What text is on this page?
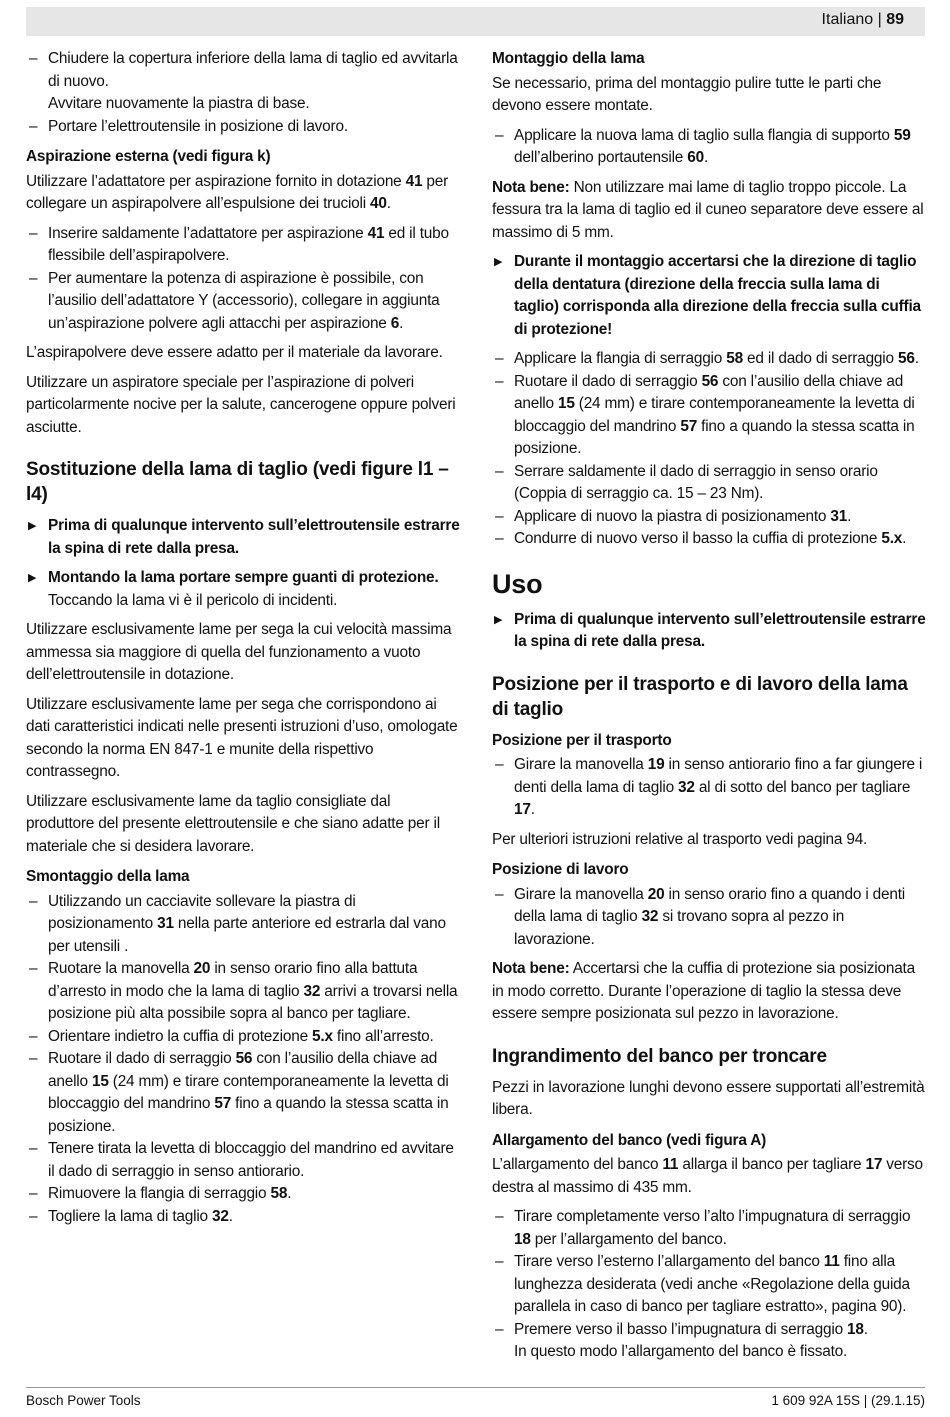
Italiano | 89
– Chiudere la copertura inferiore della lama di taglio ed avvitarla di nuovo.
Avvitare nuovamente la piastra di base.
– Portare l’elettroutensile in posizione di lavoro.
Aspirazione esterna (vedi figura k)

Utilizzare l’adattatore per aspirazione fornito in dotazione 41 per collegare un aspirapolvere all’espulsione dei trucioli 40.

– Inserire saldamente l’adattatore per aspirazione 41 ed il tubo flessibile dell’aspirapolvere.
– Per aumentare la potenza di aspirazione è possibile, con l’ausilio dell’adattatore Y (accessorio), collegare in aggiunta un’aspirazione polvere agli attacchi per aspirazione 6.

L’aspirapolvere deve essere adatto per il materiale da lavorare.

Utilizzare un aspiratore speciale per l’aspirazione di polveri particolarmente nocive per la salute, cancerogene oppure polveri asciutte.

Sostituzione della lama di taglio (vedi figure l1 – l4)
▶ Prima di qualunque intervento sull’elettroutensile estrarre la spina di rete dalla presa.
▶ Montando la lama portare sempre guanti di protezione. Toccando la lama vi è il pericolo di incidenti.

Utilizzare esclusivamente lame per sega la cui velocità massima ammessa sia maggiore di quella del funzionamento a vuoto dell’elettroutensile in dotazione.

Utilizzare esclusivamente lame per sega che corrispondono ai dati caratteristici indicati nelle presenti istruzioni d’uso, omologate secondo la norma EN 847-1 e munite della rispettivo contrassegno.

Utilizzare esclusivamente lame da taglio consigliate dal produttore del presente elettroutensile e che siano adatte per il materiale che si desidera lavorare.

Smontaggio della lama
– Utilizzando un cacciavite sollevare la piastra di posizionamento 31 nella parte anteriore ed estrarla dal vano per utensili .
– Ruotare la manovella 20 in senso orario fino alla battuta d’arresto in modo che la lama di taglio 32 arrivi a trovarsi nella posizione più alta possibile sopra al banco per tagliare.
– Orientare indietro la cuffia di protezione 5.x fino all’arresto.
– Ruotare il dado di serraggio 56 con l’ausilio della chiave ad anello 15 (24 mm) e tirare contemporaneamente la levetta di bloccaggio del mandrino 57 fino a quando la stessa scatta in posizione.
– Tenere tirata la levetta di bloccaggio del mandrino ed avvitare il dado di serraggio in senso antiorario.
– Rimuovere la flangia di serraggio 58.
– Togliere la lama di taglio 32.
Montaggio della lama

Se necessario, prima del montaggio pulire tutte le parti che devono essere montate.

– Applicare la nuova lama di taglio sulla flangia di supporto 59 dell’alberino portautensile 60.

Nota bene: Non utilizzare mai lame di taglio troppo piccole. La fessura tra la lama di taglio ed il cuneo separatore deve essere al massimo di 5 mm.

▶ Durante il montaggio accertarsi che la direzione di taglio della dentatura (direzione della freccia sulla lama di taglio) corrisponda alla direzione della freccia sulla cuffia di protezione!
– Applicare la flangia di serraggio 58 ed il dado di serraggio 56.
– Ruotare il dado di serraggio 56 con l’ausilio della chiave ad anello 15 (24 mm) e tirare contemporaneamente la levetta di bloccaggio del mandrino 57 fino a quando la stessa scatta in posizione.
– Serrare saldamente il dado di serraggio in senso orario (Coppia di serraggio ca. 15 – 23 Nm).
– Applicare di nuovo la piastra di posizionamento 31.
– Condurre di nuovo verso il basso la cuffia di protezione 5.x.
Uso
▶ Prima di qualunque intervento sull’elettroutensile estrarre la spina di rete dalla presa.
Posizione per il trasporto e di lavoro della lama di taglio
Posizione per il trasporto
– Girare la manovella 19 in senso antiorario fino a far giungere i denti della lama di taglio 32 al di sotto del banco per tagliare 17.

Per ulteriori istruzioni relative al trasporto vedi pagina 94.

Posizione di lavoro
– Girare la manovella 20 in senso orario fino a quando i denti della lama di taglio 32 si trovano sopra al pezzo in lavorazione.

Nota bene: Accertarsi che la cuffia di protezione sia posizionata in modo corretto. Durante l’operazione di taglio la stessa deve essere sempre posizionata sul pezzo in lavorazione.

Ingrandimento del banco per troncare

Pezzi in lavorazione lunghi devono essere supportati all’estremità libera.

Allargamento del banco (vedi figura A)

L’allargamento del banco 11 allarga il banco per tagliare 17 verso destra al massimo di 435 mm.

– Tirare completamente verso l’alto l’impugnatura di serraggio 18 per l’allargamento del banco.
– Tirare verso l’esterno l’allargamento del banco 11 fino alla lunghezza desiderata (vedi anche «Regolazione della guida parallela in caso di banco per tagliare estratto», pagina 90).
– Premere verso il basso l’impugnatura di serraggio 18.
In questo modo l’allargamento del banco è fissato.
Bosch Power Tools	1 609 92A 15S | (29.1.15)
